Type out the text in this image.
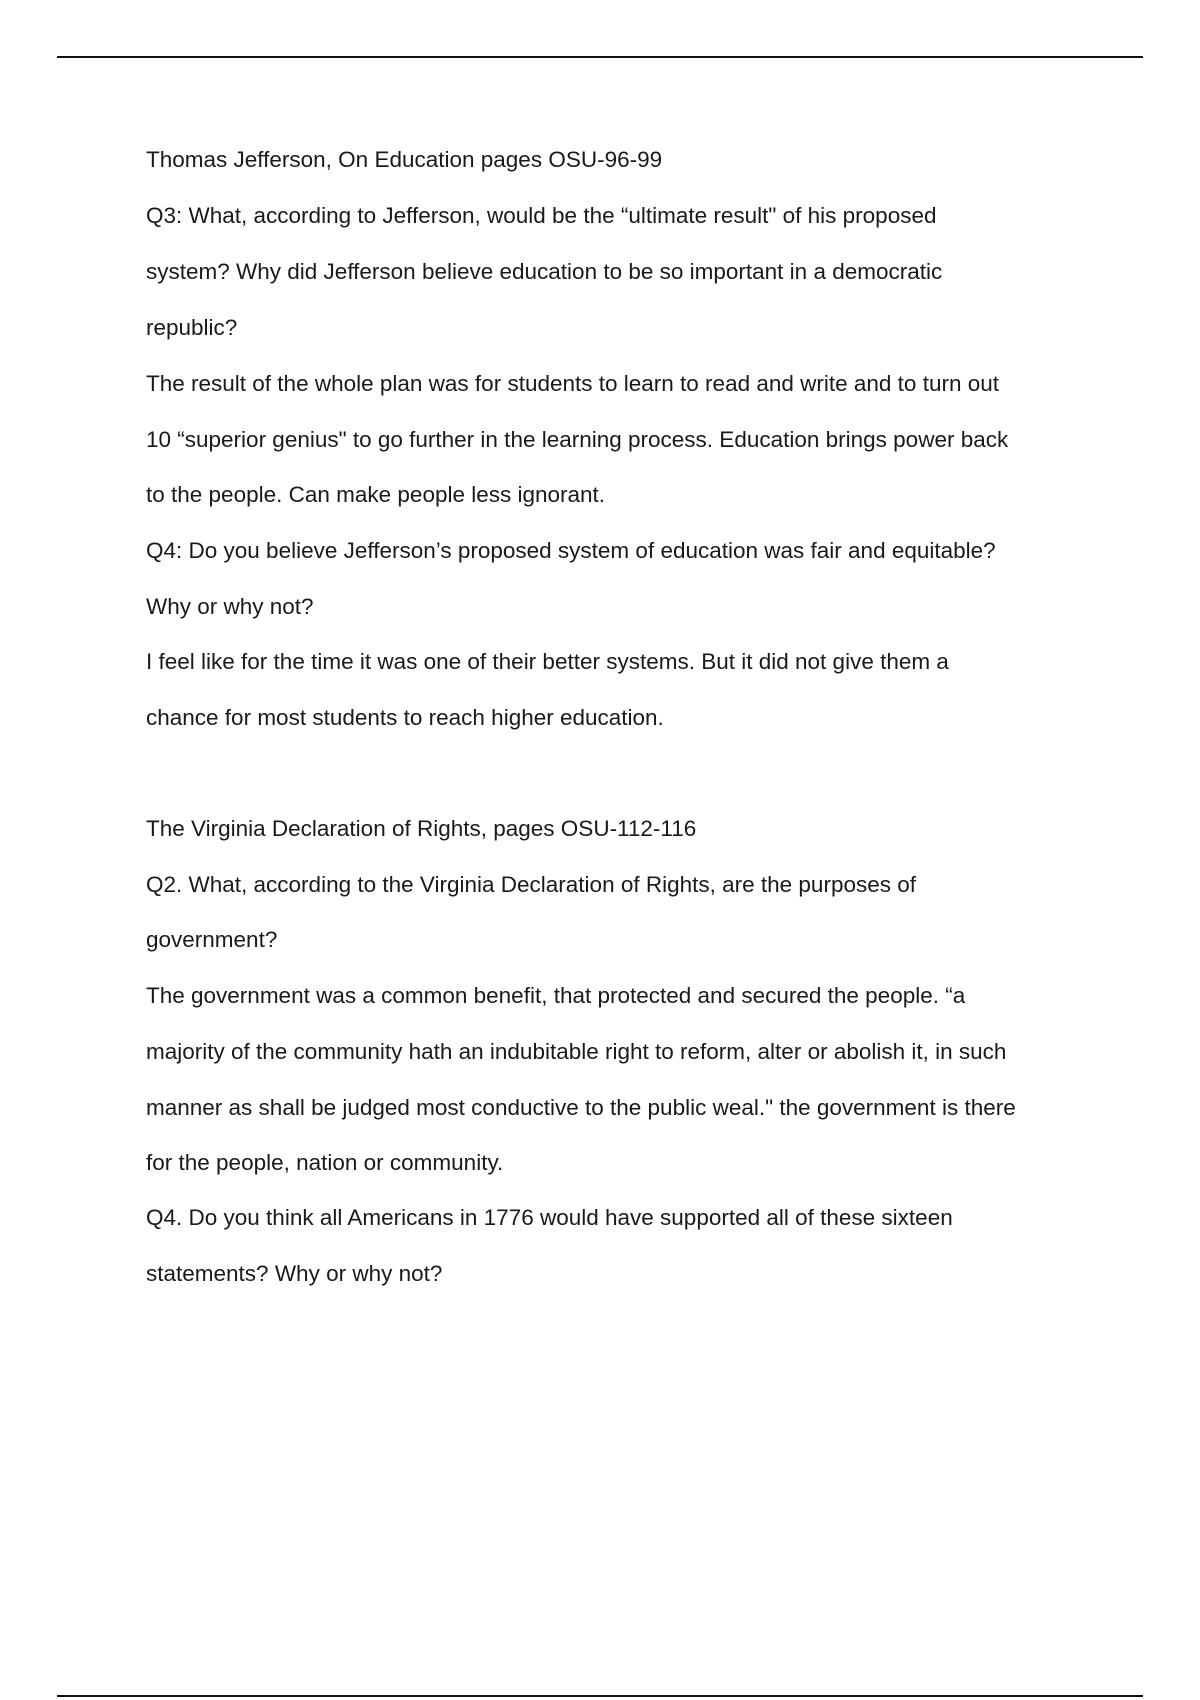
Thomas Jefferson, On Education pages OSU-96-99
Q3: What, according to Jefferson, would be the “ultimate result" of his proposed
system? Why did Jefferson believe education to be so important in a democratic
republic?
The result of the whole plan was for students to learn to read and write and to turn out
10 “superior genius" to go further in the learning process. Education brings power back
to the people. Can make people less ignorant.
Q4: Do you believe Jefferson’s proposed system of education was fair and equitable?
Why or why not?
I feel like for the time it was one of their better systems. But it did not give them a
chance for most students to reach higher education.
The Virginia Declaration of Rights, pages OSU-112-116
Q2. What, according to the Virginia Declaration of Rights, are the purposes of
government?
The government was a common benefit, that protected and secured the people. “a
majority of the community hath an indubitable right to reform, alter or abolish it, in such
manner as shall be judged most conductive to the public weal." the government is there
for the people, nation or community.
Q4. Do you think all Americans in 1776 would have supported all of these sixteen
statements? Why or why not?
